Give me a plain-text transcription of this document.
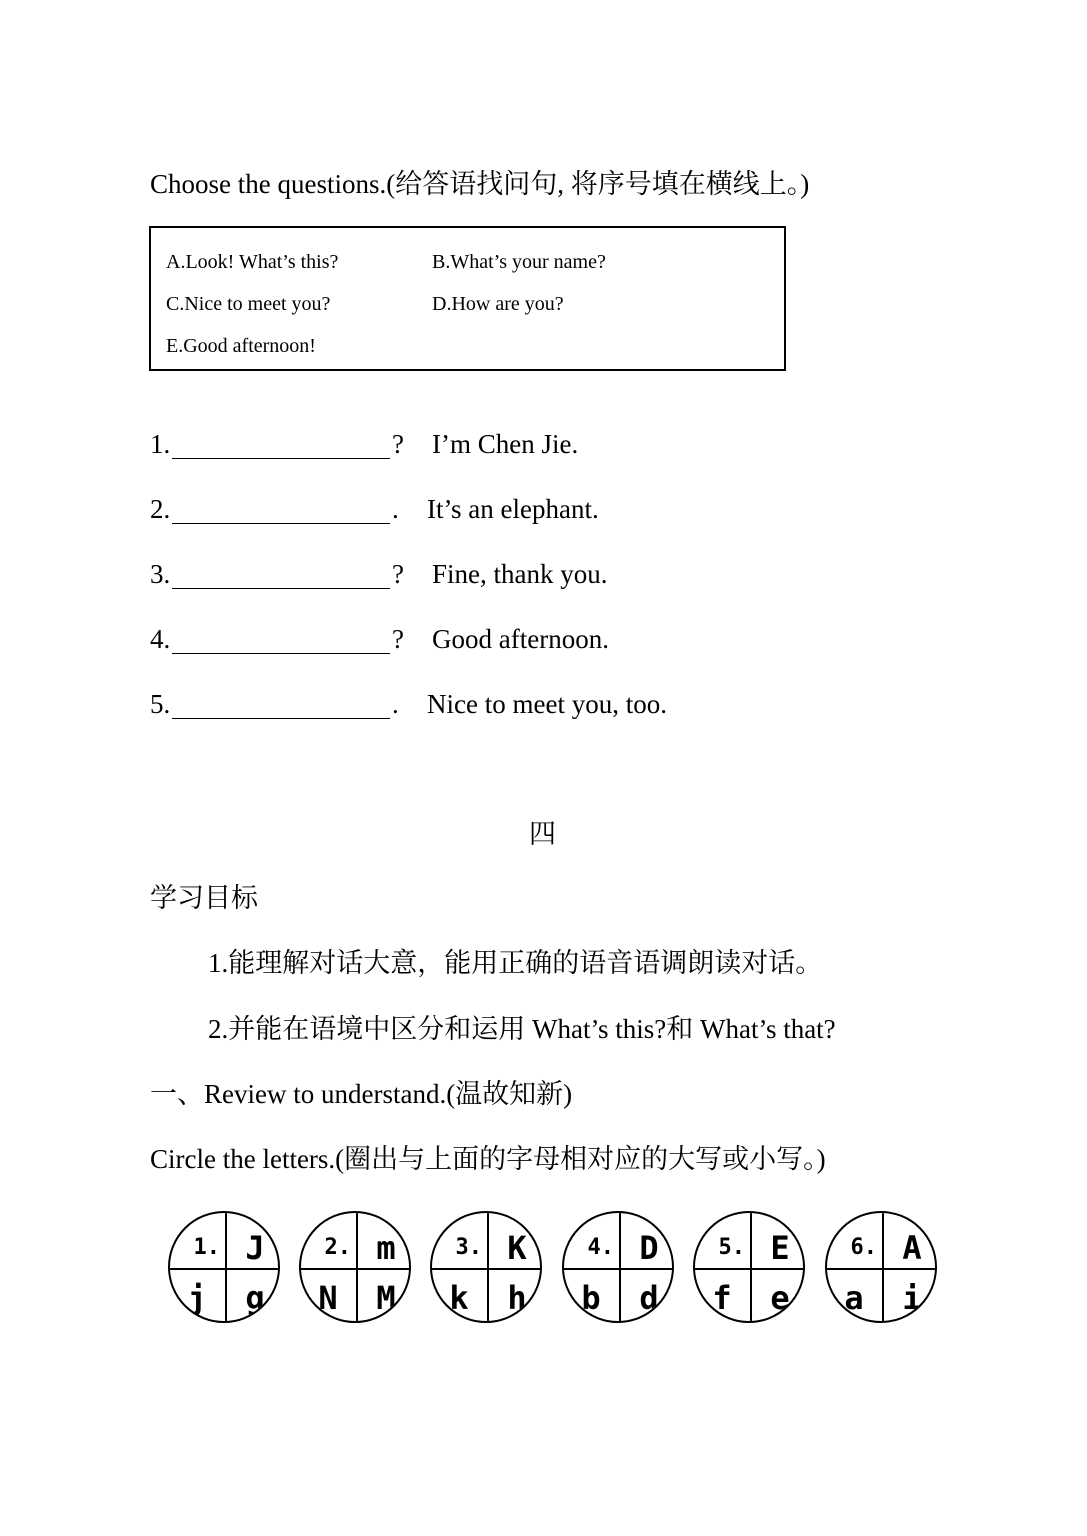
Choose the questions.(给答语找问句, 将序号填在横线上。)
A.Look! What’s this?	B.What’s your name?
C.Nice to meet you?	D.How are you?
E.Good afternoon!
1.	? I’m Chen Jie.
2.	. It’s an elephant.
3.	? Fine, thank you.
4.	? Good afternoon.
5.	. Nice to meet you, too.
四
学习目标
1.能理解对话大意，能用正确的语音语调朗读对话。
2.并能在语境中区分和运用 What’s this?和 What’s that?
一、Review to understand.(温故知新)
Circle the letters.(圈出与上面的字母相对应的大写或小写。)
1. J
j	g
2. m
N	M
3. K
k	h
4. D
b	d
5. E
f	e
6. A
a	i
